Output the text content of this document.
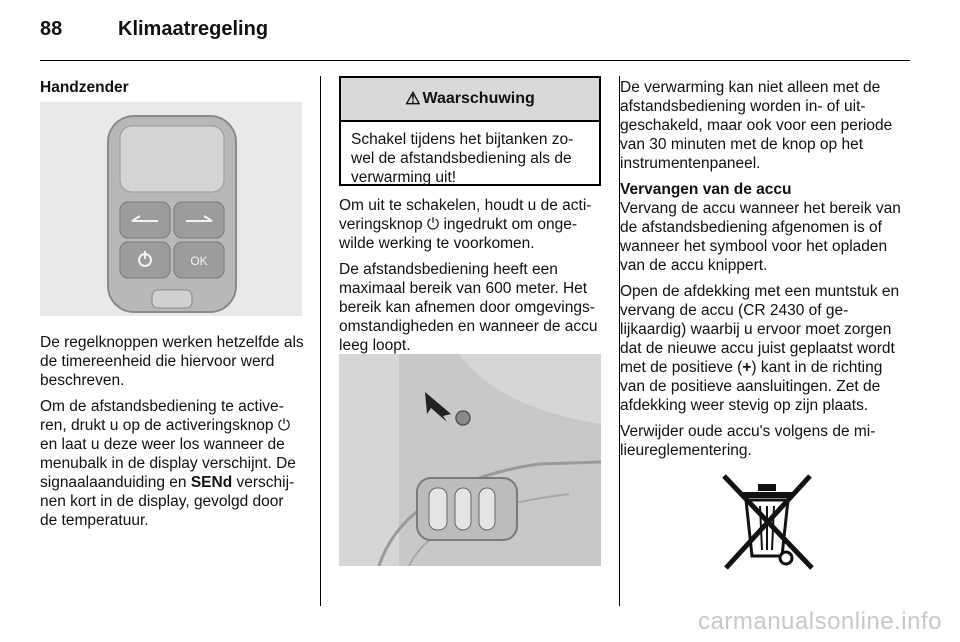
88	Klimaatregeling

Handzender

De regelknoppen werken hetzelfde als de timereenheid die hiervoor werd beschreven.

Om de afstandsbediening te activeren, drukt u op de activeringsknop ⏻ en laat u deze weer los wanneer de menubalk in de display verschijnt. De signaalaanduiding en SENd verschijnen kort in de display, gevolgd door de temperatuur.

OK
⚠ Waarschuwing
Schakel tijdens het bijtanken zowel de afstandsbediening als de verwarming uit!

Om uit te schakelen, houdt u de activeringsknop ⏻ ingedrukt om ongewilde werking te voorkomen.

De afstandsbediening heeft een maximaal bereik van 600 meter. Het bereik kan afnemen door omgevingsomstandigheden en wanneer de accu leeg loopt.

De verwarming kan niet alleen met de afstandsbediening worden in- of uitgeschakeld, maar ook voor een periode van 30 minuten met de knop op het instrumentenpaneel.

Vervangen van de accu

Vervang de accu wanneer het bereik van de afstandsbediening afgenomen is of wanneer het symbool voor het opladen van de accu knippert.

Open de afdekking met een muntstuk en vervang de accu (CR 2430 of gelijkaardig) waarbij u ervoor moet zorgen dat de nieuwe accu juist geplaatst wordt met de positieve (+) kant in de richting van de positieve aansluitingen. Zet de afdekking weer stevig op zijn plaats.

Verwijder oude accu's volgens de milieureglementering.

carmanualsonline.info
